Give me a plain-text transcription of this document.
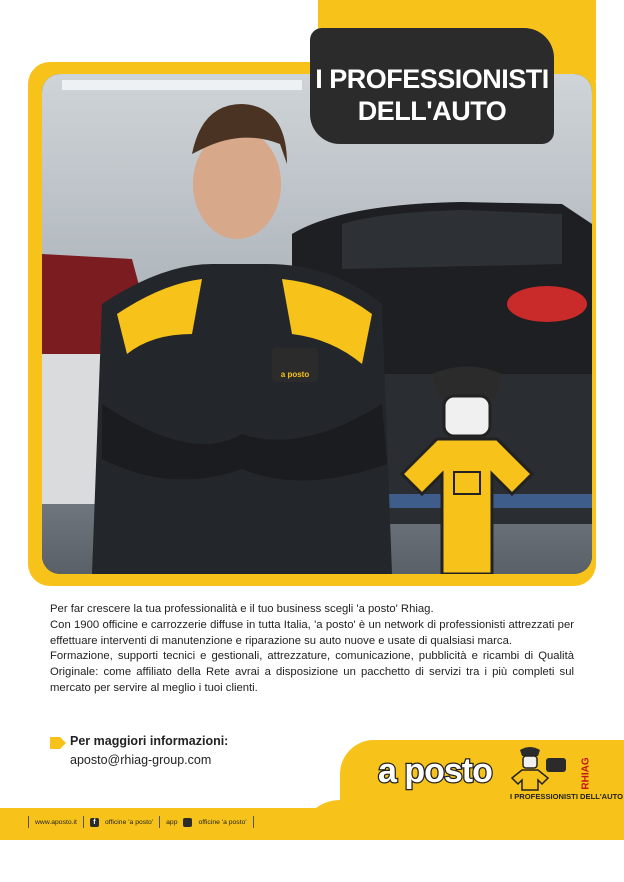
a posto
I PROFESSIONISTI
DELL'AUTO

Per far crescere la tua professionalità e il tuo business scegli 'a posto' Rhiag.

Con 1900 officine e carrozzerie diffuse in tutta Italia, 'a posto' è un network di professionisti attrezzati per effettuare interventi di manutenzione e riparazione su auto nuove e usate di qualsiasi marca.

Formazione, supporti tecnici e gestionali, attrezzature, comunicazione, pubblicità e ricambi di Qualità Originale: come affiliato della Rete avrai a disposizione un pacchetto di servizi tra i più completi sul mercato per servire al meglio i tuoi clienti.

Per maggiori informazioni:
aposto@rhiag-group.com
www.aposto.it	f	officine 'a posto' app	officine 'a posto'
a posto	RHIAG
I PROFESSIONISTI DELL'AUTO
